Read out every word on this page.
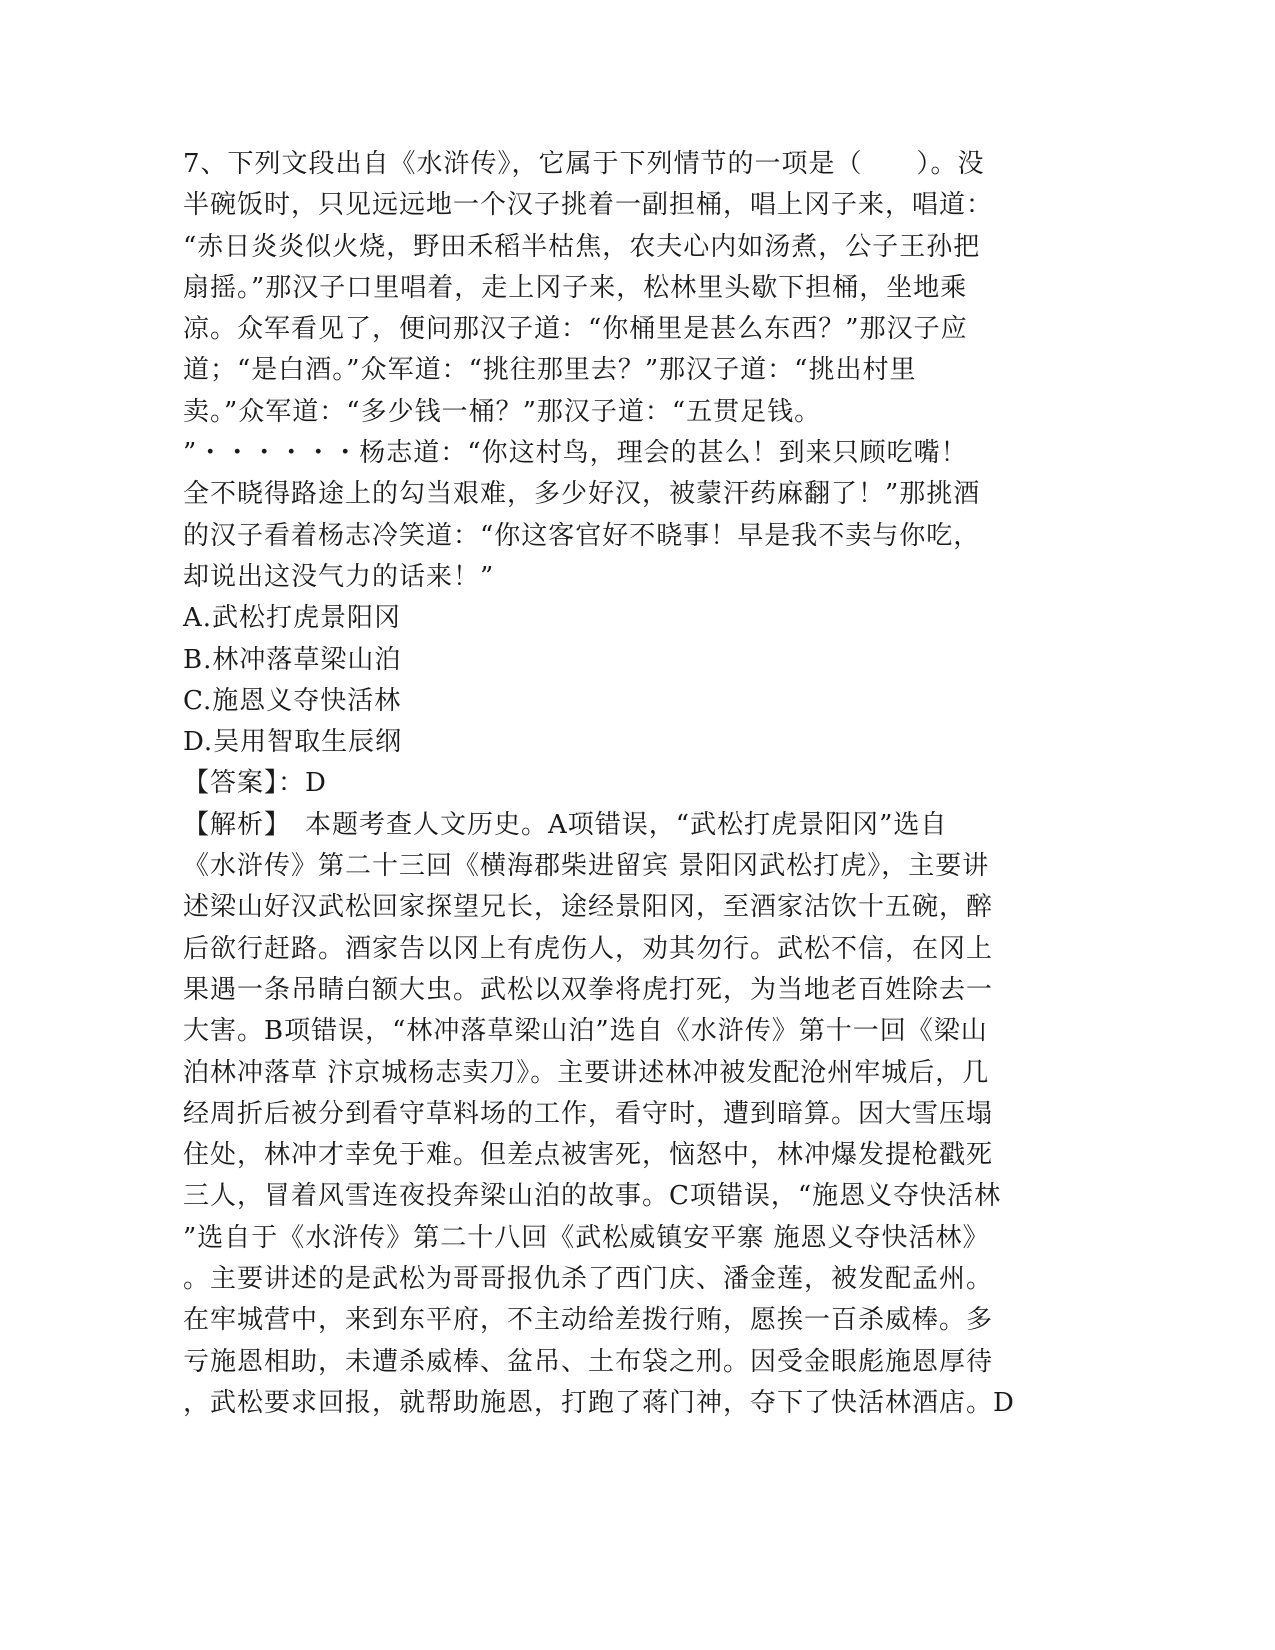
7、下列文段出自《水浒传》，它属于下列情节的一项是（　　）。没
半碗饭时，只见远远地一个汉子挑着一副担桶，唱上冈子来，唱道：
“赤日炎炎似火烧，野田禾稻半枯焦，农夫心内如汤煮，公子王孙把
扇摇。”那汉子口里唱着，走上冈子来，松林里头歇下担桶，坐地乘
凉。众军看见了，便问那汉子道：“你桶里是甚么东西？”那汉子应
道；“是白酒。”众军道：“挑往那里去？”那汉子道：“挑出村里
卖。”众军道：“多少钱一桶？”那汉子道：“五贯足钱。
”・・・・・・杨志道：“你这村鸟，理会的甚么！到来只顾吃嘴！
全不晓得路途上的勾当艰难，多少好汉，被蒙汗药麻翻了！”那挑酒
的汉子看着杨志冷笑道：“你这客官好不晓事！早是我不卖与你吃，
却说出这没气力的话来！”
A.武松打虎景阳冈
B.林冲落草梁山泊
C.施恩义夺快活林
D.吴用智取生辰纲
【答案】：D
【解析】　本题考查人文历史。A项错误，“武松打虎景阳冈”选自
《水浒传》第二十三回《横海郡柴进留宾 景阳冈武松打虎》，主要讲
述梁山好汉武松回家探望兄长，途经景阳冈，至酒家沽饮十五碗，醉
后欲行赶路。酒家告以冈上有虎伤人，劝其勿行。武松不信，在冈上
果遇一条吊睛白额大虫。武松以双拳将虎打死，为当地老百姓除去一
大害。B项错误，“林冲落草梁山泊”选自《水浒传》第十一回《梁山
泊林冲落草 汴京城杨志卖刀》。主要讲述林冲被发配沧州牢城后，几
经周折后被分到看守草料场的工作，看守时，遭到暗算。因大雪压塌
住处，林冲才幸免于难。但差点被害死，恼怒中，林冲爆发提枪戳死
三人，冒着风雪连夜投奔梁山泊的故事。C项错误，“施恩义夺快活林
”选自于《水浒传》第二十八回《武松威镇安平寨 施恩义夺快活林》
。主要讲述的是武松为哥哥报仇杀了西门庆、潘金莲，被发配孟州。
在牢城营中，来到东平府，不主动给差拨行贿，愿挨一百杀威棒。多
亏施恩相助，未遭杀威棒、盆吊、土布袋之刑。因受金眼彪施恩厚待
，武松要求回报，就帮助施恩，打跑了蒋门神，夺下了快活林酒店。D
